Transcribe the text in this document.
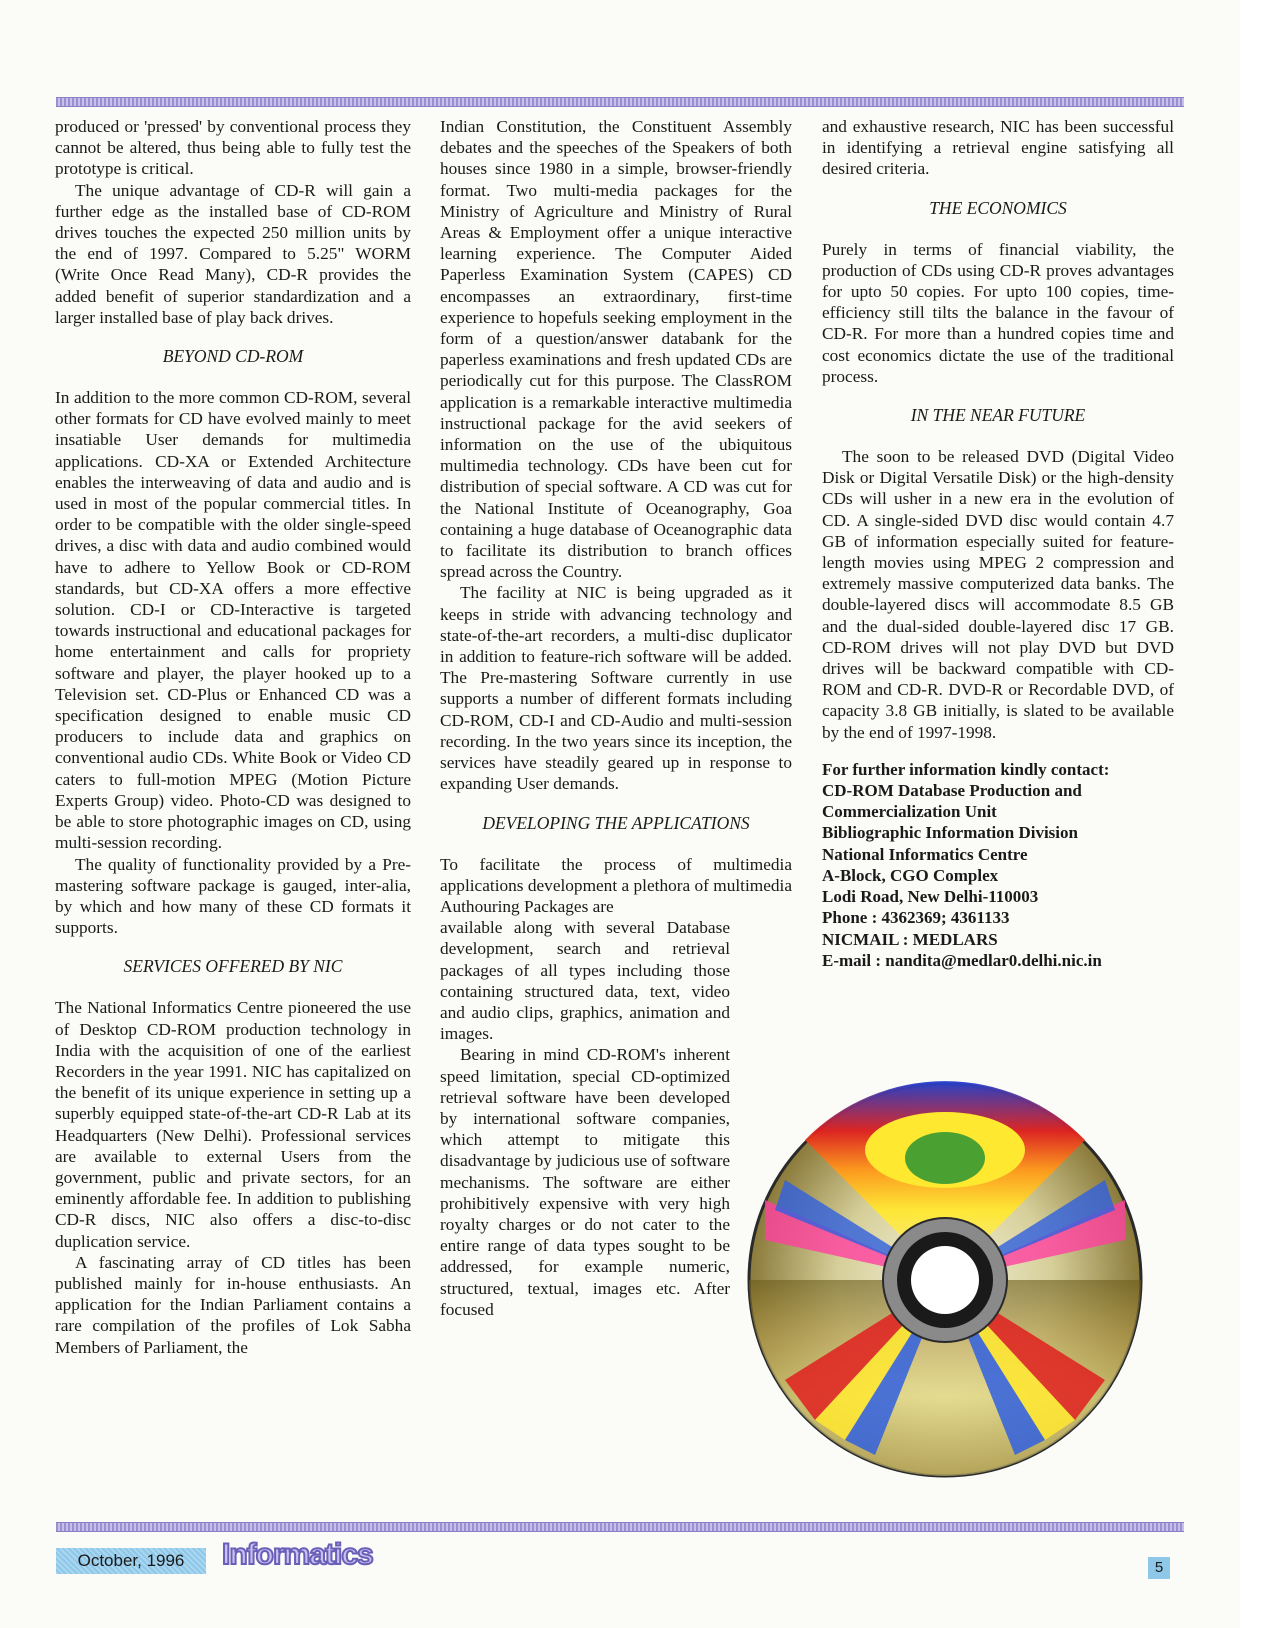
produced or 'pressed' by conventional process they cannot be altered, thus being able to fully test the prototype is critical.

The unique advantage of CD-R will gain a further edge as the installed base of CD-ROM drives touches the expected 250 million units by the end of 1997. Compared to 5.25" WORM (Write Once Read Many), CD-R provides the added benefit of superior standardization and a larger installed base of play back drives.

BEYOND CD-ROM

In addition to the more common CD-ROM, several other formats for CD have evolved mainly to meet insatiable User demands for multimedia applications. CD-XA or Extended Architecture enables the interweaving of data and audio and is used in most of the popular commercial titles. In order to be compatible with the older single-speed drives, a disc with data and audio combined would have to adhere to Yellow Book or CD-ROM standards, but CD-XA offers a more effective solution. CD-I or CD-Interactive is targeted towards instructional and educational packages for home entertainment and calls for propriety software and player, the player hooked up to a Television set. CD-Plus or Enhanced CD was a specification designed to enable music CD producers to include data and graphics on conventional audio CDs. White Book or Video CD caters to full-motion MPEG (Motion Picture Experts Group) video. Photo-CD was designed to be able to store photographic images on CD, using multi-session recording.

The quality of functionality provided by a Pre-mastering software package is gauged, inter-alia, by which and how many of these CD formats it supports.

SERVICES OFFERED BY NIC

The National Informatics Centre pioneered the use of Desktop CD-ROM production technology in India with the acquisition of one of the earliest Recorders in the year 1991. NIC has capitalized on the benefit of its unique experience in setting up a superbly equipped state-of-the-art CD-R Lab at its Headquarters (New Delhi). Professional services are available to external Users from the government, public and private sectors, for an eminently affordable fee. In addition to publishing CD-R discs, NIC also offers a disc-to-disc duplication service.

A fascinating array of CD titles has been published mainly for in-house enthusiasts. An application for the Indian Parliament contains a rare compilation of the profiles of Lok Sabha Members of Parliament, the

Indian Constitution, the Constituent Assembly debates and the speeches of the Speakers of both houses since 1980 in a simple, browser-friendly format. Two multi-media packages for the Ministry of Agriculture and Ministry of Rural Areas & Employment offer a unique interactive learning experience. The Computer Aided Paperless Examination System (CAPES) CD encompasses an extraordinary, first-time experience to hopefuls seeking employment in the form of a question/answer databank for the paperless examinations and fresh updated CDs are periodically cut for this purpose. The ClassROM application is a remarkable interactive multimedia instructional package for the avid seekers of information on the use of the ubiquitous multimedia technology. CDs have been cut for distribution of special software. A CD was cut for the National Institute of Oceanography, Goa containing a huge database of Oceanographic data to facilitate its distribution to branch offices spread across the Country.

The facility at NIC is being upgraded as it keeps in stride with advancing technology and state-of-the-art recorders, a multi-disc duplicator in addition to feature-rich software will be added. The Pre-mastering Software currently in use supports a number of different formats including CD-ROM, CD-I and CD-Audio and multi-session recording. In the two years since its inception, the services have steadily geared up in response to expanding User demands.

DEVELOPING THE APPLICATIONS

To facilitate the process of multimedia applications development a plethora of multimedia Authouring Packages are

available along with several Database development, search and retrieval packages of all types including those containing structured data, text, video and audio clips, graphics, animation and images.

Bearing in mind CD-ROM's inherent speed limitation, special CD-optimized retrieval software have been developed by international software companies, which attempt to mitigate this disadvantage by judicious use of software mechanisms. The software are either prohibitively expensive with very high royalty charges or do not cater to the entire range of data types sought to be addressed, for example numeric, structured, textual, images etc. After focused

and exhaustive research, NIC has been successful in identifying a retrieval engine satisfying all desired criteria.

THE ECONOMICS

Purely in terms of financial viability, the production of CDs using CD-R proves advantages for upto 50 copies. For upto 100 copies, time-efficiency still tilts the balance in the favour of CD-R. For more than a hundred copies time and cost economics dictate the use of the traditional process.

IN THE NEAR FUTURE

The soon to be released DVD (Digital Video Disk or Digital Versatile Disk) or the high-density CDs will usher in a new era in the evolution of CD. A single-sided DVD disc would contain 4.7 GB of information especially suited for feature-length movies using MPEG 2 compression and extremely massive computerized data banks. The double-layered discs will accommodate 8.5 GB and the dual-sided double-layered disc 17 GB. CD-ROM drives will not play DVD but DVD drives will be backward compatible with CD-ROM and CD-R. DVD-R or Recordable DVD, of capacity 3.8 GB initially, is slated to be available by the end of 1997-1998.

For further information kindly contact:
CD-ROM Database Production and
Commercialization Unit
Bibliographic Information Division
National Informatics Centre
A-Block, CGO Complex
Lodi Road, New Delhi-110003
Phone : 4362369; 4361133
NICMAIL : MEDLARS
E-mail : nandita@medlar0.delhi.nic.in
October, 1996	Informatics	5
